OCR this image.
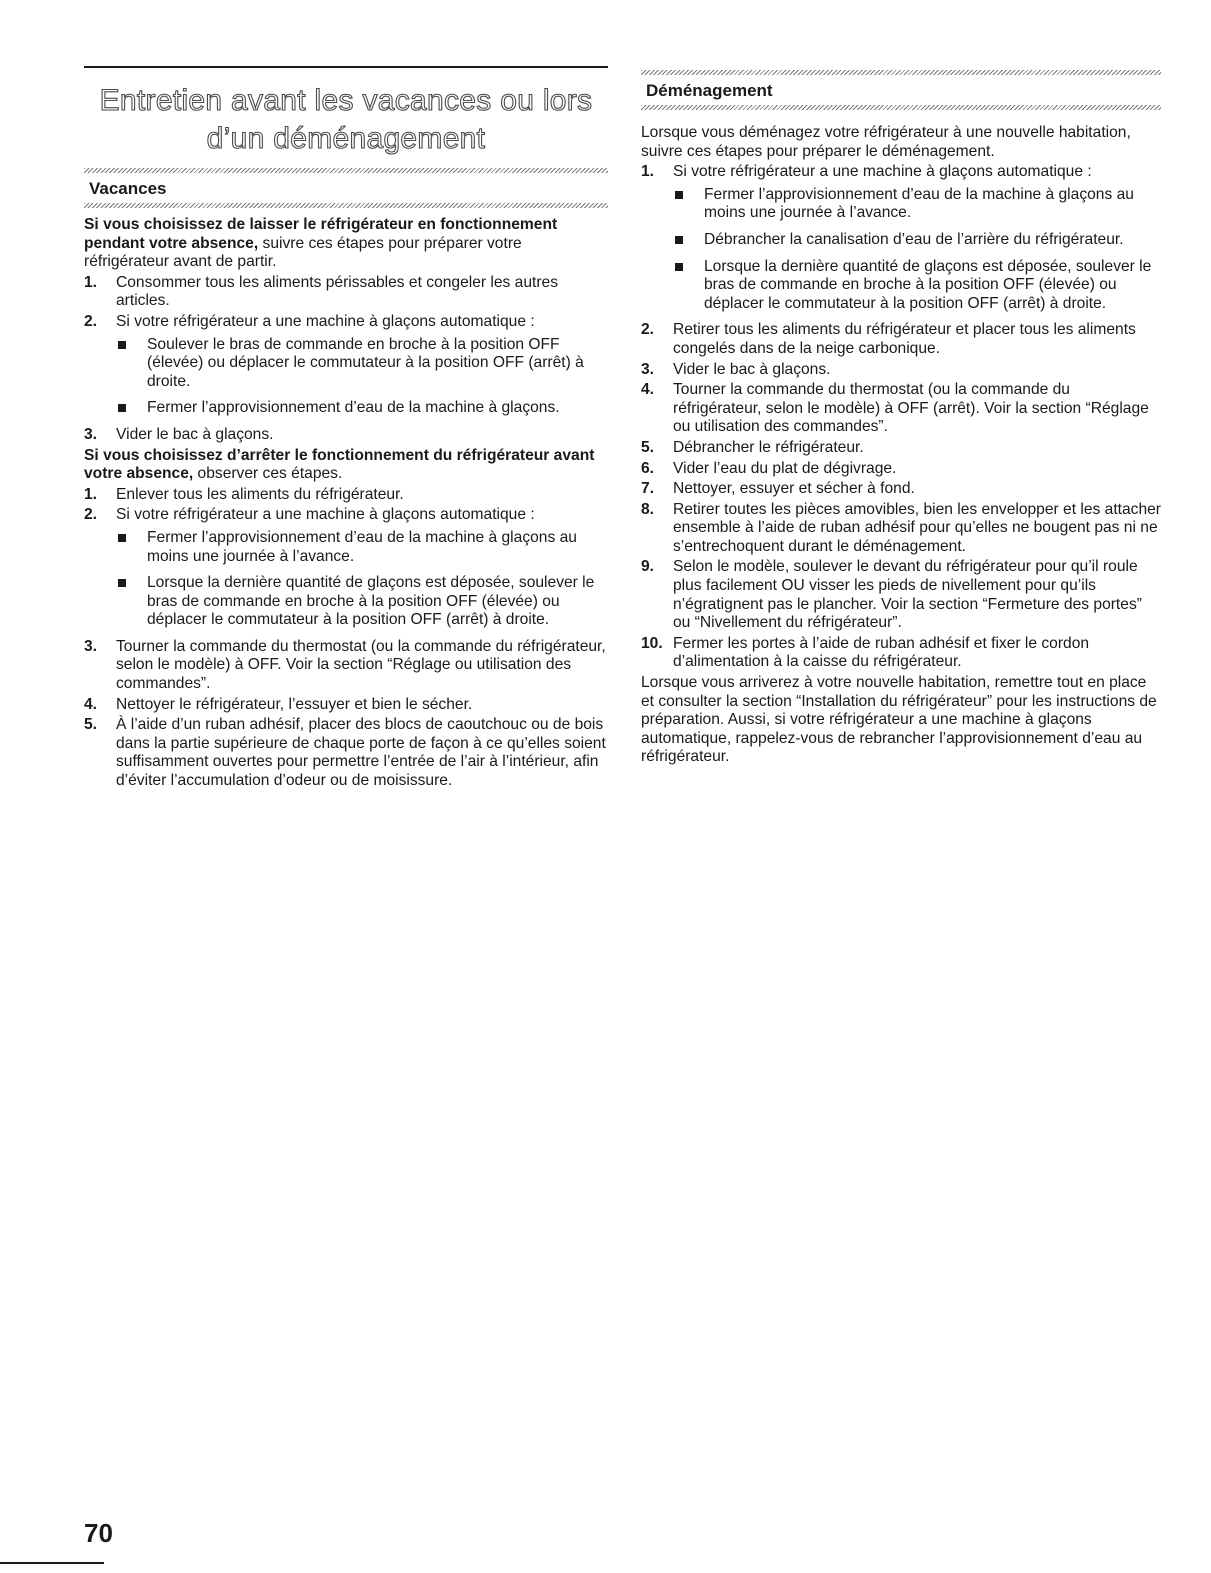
Entretien avant les vacances ou lors
d’un déménagement
Vacances

Si vous choisissez de laisser le réfrigérateur en fonctionnement pendant votre absence, suivre ces étapes pour préparer votre réfrigérateur avant de partir.

1.	Consommer tous les aliments périssables et congeler les autres articles.
2.	Si votre réfrigérateur a une machine à glaçons automatique :
Soulever le bras de commande en broche à la position OFF (élevée) ou déplacer le commutateur à la position OFF (arrêt) à droite.
Fermer l’approvisionnement d’eau de la machine à glaçons.
3.	Vider le bac à glaçons.

Si vous choisissez d’arrêter le fonctionnement du réfrigérateur avant votre absence, observer ces étapes.

1.	Enlever tous les aliments du réfrigérateur.
2.	Si votre réfrigérateur a une machine à glaçons automatique :
Fermer l’approvisionnement d’eau de la machine à glaçons au moins une journée à l’avance.
Lorsque la dernière quantité de glaçons est déposée, soulever le bras de commande en broche à la position OFF (élevée) ou déplacer le commutateur à la position OFF (arrêt) à droite.
3.	Tourner la commande du thermostat (ou la commande du réfrigérateur, selon le modèle) à OFF. Voir la section “Réglage ou utilisation des commandes”.
4.	Nettoyer le réfrigérateur, l’essuyer et bien le sécher.
5.	À l’aide d’un ruban adhésif, placer des blocs de caoutchouc ou de bois dans la partie supérieure de chaque porte de façon à ce qu’elles soient suffisamment ouvertes pour permettre l’entrée de l’air à l’intérieur, afin d’éviter l’accumulation d’odeur ou de moisissure.
Déménagement

Lorsque vous déménagez votre réfrigérateur à une nouvelle habitation, suivre ces étapes pour préparer le déménagement.

1.	Si votre réfrigérateur a une machine à glaçons automatique :
Fermer l’approvisionnement d’eau de la machine à glaçons au moins une journée à l’avance.
Débrancher la canalisation d’eau de l’arrière du réfrigérateur.
Lorsque la dernière quantité de glaçons est déposée, soulever le bras de commande en broche à la position OFF (élevée) ou déplacer le commutateur à la position OFF (arrêt) à droite.
2.	Retirer tous les aliments du réfrigérateur et placer tous les aliments congelés dans de la neige carbonique.
3.	Vider le bac à glaçons.
4.	Tourner la commande du thermostat (ou la commande du réfrigérateur, selon le modèle) à OFF (arrêt). Voir la section “Réglage ou utilisation des commandes”.
5.	Débrancher le réfrigérateur.
6.	Vider l’eau du plat de dégivrage.
7.	Nettoyer, essuyer et sécher à fond.
8.	Retirer toutes les pièces amovibles, bien les envelopper et les attacher ensemble à l’aide de ruban adhésif pour qu’elles ne bougent pas ni ne s’entrechoquent durant le déménagement.
9.	Selon le modèle, soulever le devant du réfrigérateur pour qu’il roule plus facilement OU visser les pieds de nivellement pour qu’ils n’égratignent pas le plancher. Voir la section “Fermeture des portes” ou “Nivellement du réfrigérateur”.
10. Fermer les portes à l’aide de ruban adhésif et fixer le cordon d’alimentation à la caisse du réfrigérateur.

Lorsque vous arriverez à votre nouvelle habitation, remettre tout en place et consulter la section “Installation du réfrigérateur” pour les instructions de préparation. Aussi, si votre réfrigérateur a une machine à glaçons automatique, rappelez-vous de rebrancher l’approvisionnement d’eau au réfrigérateur.

70
